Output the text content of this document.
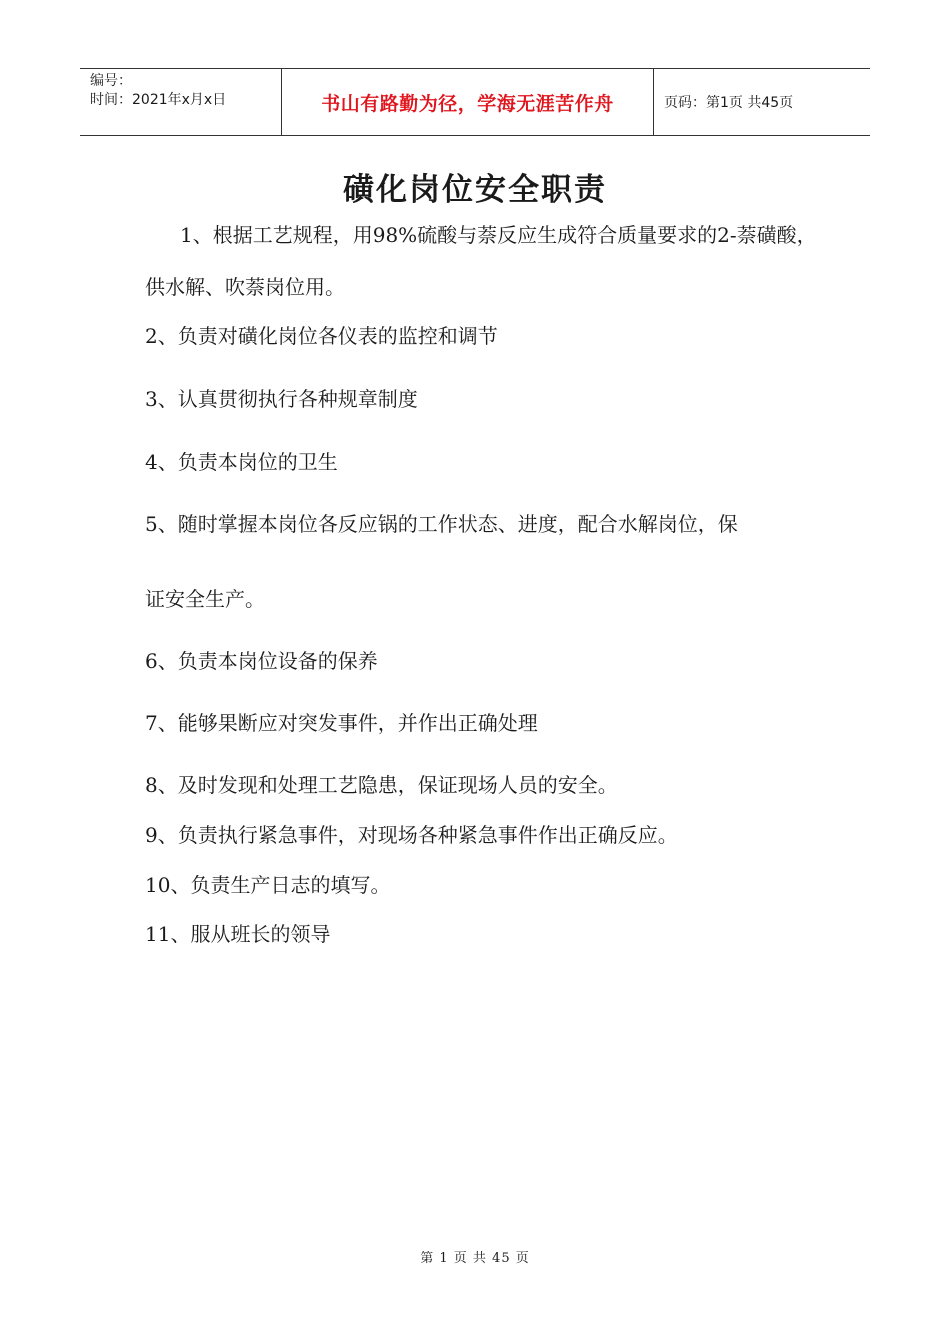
编号：
时间：2021年x月x日	书山有路勤为径，学海无涯苦作舟	页码：第1页 共45页
磺化岗位安全职责
1、根据工艺规程，用98%硫酸与萘反应生成符合质量要求的2-萘磺酸，
供水解、吹萘岗位用。
2、负责对磺化岗位各仪表的监控和调节
3、认真贯彻执行各种规章制度
4、负责本岗位的卫生
5、随时掌握本岗位各反应锅的工作状态、进度，配合水解岗位，保
证安全生产。
6、负责本岗位设备的保养
7、能够果断应对突发事件，并作出正确处理
8、及时发现和处理工艺隐患，保证现场人员的安全。
9、负责执行紧急事件，对现场各种紧急事件作出正确反应。
10、负责生产日志的填写。
11、服从班长的领导
第 1 页 共 45 页
